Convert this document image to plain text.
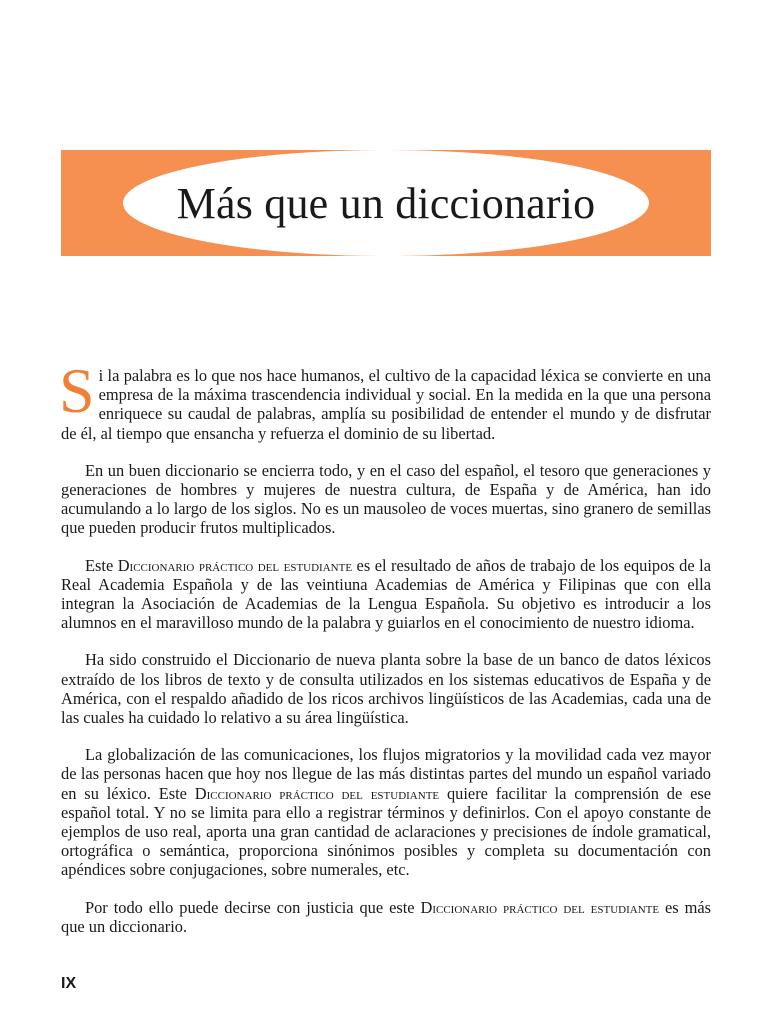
Más que un diccionario

Si la palabra es lo que nos hace humanos, el cultivo de la capacidad léxica se convierte en una empresa de la máxima trascendencia individual y social. En la medida en la que una persona enriquece su caudal de palabras, amplía su posibilidad de entender el mundo y de disfrutar de él, al tiempo que ensancha y refuerza el dominio de su libertad.

En un buen diccionario se encierra todo, y en el caso del español, el tesoro que generaciones y generaciones de hombres y mujeres de nuestra cultura, de España y de América, han ido acumulando a lo largo de los siglos. No es un mausoleo de voces muertas, sino granero de semillas que pueden producir frutos multiplicados.

Este Diccionario práctico del estudiante es el resultado de años de trabajo de los equipos de la Real Academia Española y de las veintiuna Academias de América y Filipinas que con ella integran la Asociación de Academias de la Lengua Española. Su objetivo es introducir a los alumnos en el maravilloso mundo de la palabra y guiarlos en el conocimiento de nuestro idioma.

Ha sido construido el Diccionario de nueva planta sobre la base de un banco de datos léxicos extraído de los libros de texto y de consulta utilizados en los sistemas educativos de España y de América, con el respaldo añadido de los ricos archivos lingüísticos de las Academias, cada una de las cuales ha cuidado lo relativo a su área lingüística.

La globalización de las comunicaciones, los flujos migratorios y la movilidad cada vez mayor de las personas hacen que hoy nos llegue de las más distintas partes del mundo un español variado en su léxico. Este Diccionario práctico del estudiante quiere facilitar la comprensión de ese español total. Y no se limita para ello a registrar términos y definirlos. Con el apoyo constante de ejemplos de uso real, aporta una gran cantidad de aclaraciones y precisiones de índole gramatical, ortográfica o semántica, proporciona sinónimos posibles y completa su documentación con apéndices sobre conjugaciones, sobre numerales, etc.

Por todo ello puede decirse con justicia que este Diccionario práctico del estudiante es más que un diccionario.

IX
